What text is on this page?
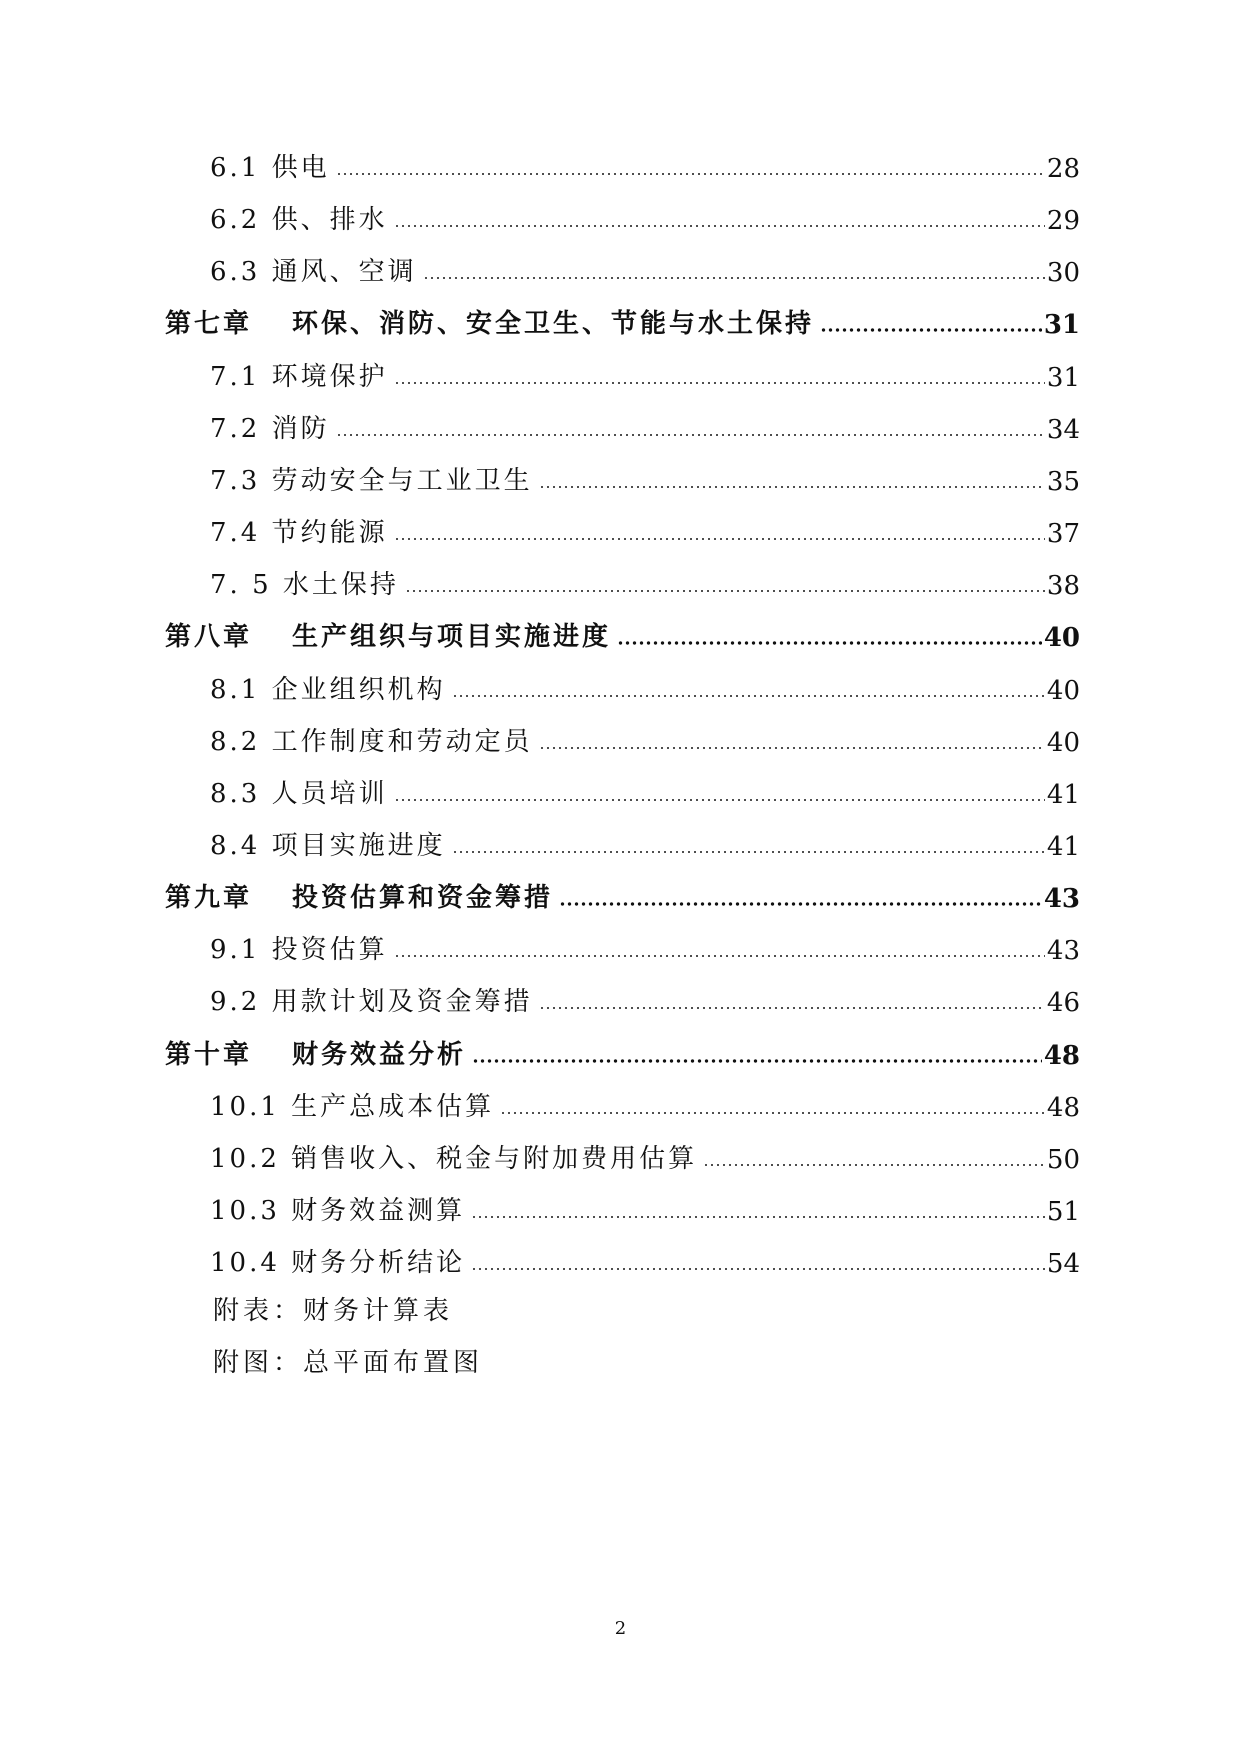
6.1 供电	28
6.2 供、排水	29
6.3 通风、空调	30
第七章 环保、消防、安全卫生、节能与水土保持	31
7.1 环境保护	31
7.2 消防	34
7.3 劳动安全与工业卫生	35
7.4 节约能源	37
7. 5 水土保持	38
第八章 生产组织与项目实施进度	40
8.1 企业组织机构	40
8.2 工作制度和劳动定员	40
8.3 人员培训	41
8.4 项目实施进度	41
第九章 投资估算和资金筹措	43
9.1 投资估算	43
9.2 用款计划及资金筹措	46
第十章 财务效益分析	48
10.1 生产总成本估算	48
10.2 销售收入、税金与附加费用估算	50
10.3 财务效益测算	51
10.4 财务分析结论	54
附表：财务计算表
附图：总平面布置图
2
